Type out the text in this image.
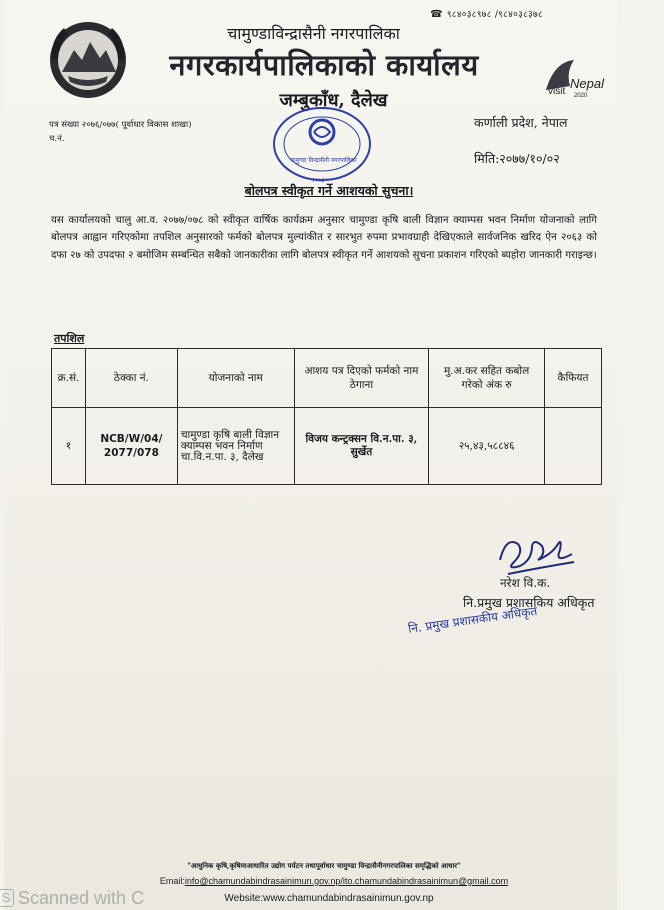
☎ ९८४०३८९७८ /९८४०३८३७८
visit
Nepal
2020
चामुण्डाविन्द्रासैनी नगरपालिका
नगरकार्यपालिकाको कार्यालय
जम्बुकाँध, दैलेख
पत्र संख्या २०७६/०७७( पूर्वाधार विकास शाखा)
च.नं.
कर्णाली प्रदेश, नेपाल
मिति:२०७७/१०/०२
चामुण्डा विन्द्रासैनी नगरपालिका
२०७३
बोलपत्र स्वीकृत गर्ने आशयको सुचना।
यस कार्यालयको चालु आ.व. २०७७/०७८ को स्वीकृत वार्षिक कार्यक्रम अनुसार चामुण्डा कृषि बाली विज्ञान क्याम्पस भवन निर्माण योजनाको लागि बोलपत्र आह्वान गरिएकोमा तपशिल अनुसारको फर्मको बोलपत्र मुल्यांकीत र सारभुत रुपमा प्रभावग्राही देखिएकाले सार्वजनिक खरिद ऐन २०६३ को दफा २७ को उपदफा २ बमोजिम सम्बन्धित सबैको जानकारीका लागि बोलपत्र स्वीकृत गर्ने आशयको सुचना प्रकाशन गरिएको ब्यहोरा जानकारी गराइन्छ।
तपशिल
क्र.सं.	ठेक्का नं.	योजनाको नाम	आशय पत्र दिएको फर्मको नाम ठेगाना	मु.अ.कर सहित कबोल गरेको अंक रु	कैफियत
१	NCB/W/04/ 2077/078	चामुण्डा कृषि बाली विज्ञान क्याम्पस भवन निर्माण चा.वि.न.पा. ३, दैलेख	विजय कन्ट्रक्सन वि.न.पा. ३, सुर्खेत	२५,४३,५८८४६	
नरेश वि.क.
नि.प्रमुख प्रशासकिय अधिकृत
नि. प्रमुख प्रशासकीय अधिकृत
"आधुनिक कृषि,कृषिमाआधारित उद्योग पर्यटन तथापूर्वाधार चामुण्डा विन्द्रासैनीनगरपालिका समृद्धिको आधार"
Email:info@chamundabindrasainimun.gov.np/ito.chamundabindrasainimun@gmail.com
Website:www.chamundabindrasainimun.gov.np
S Scanned with C
